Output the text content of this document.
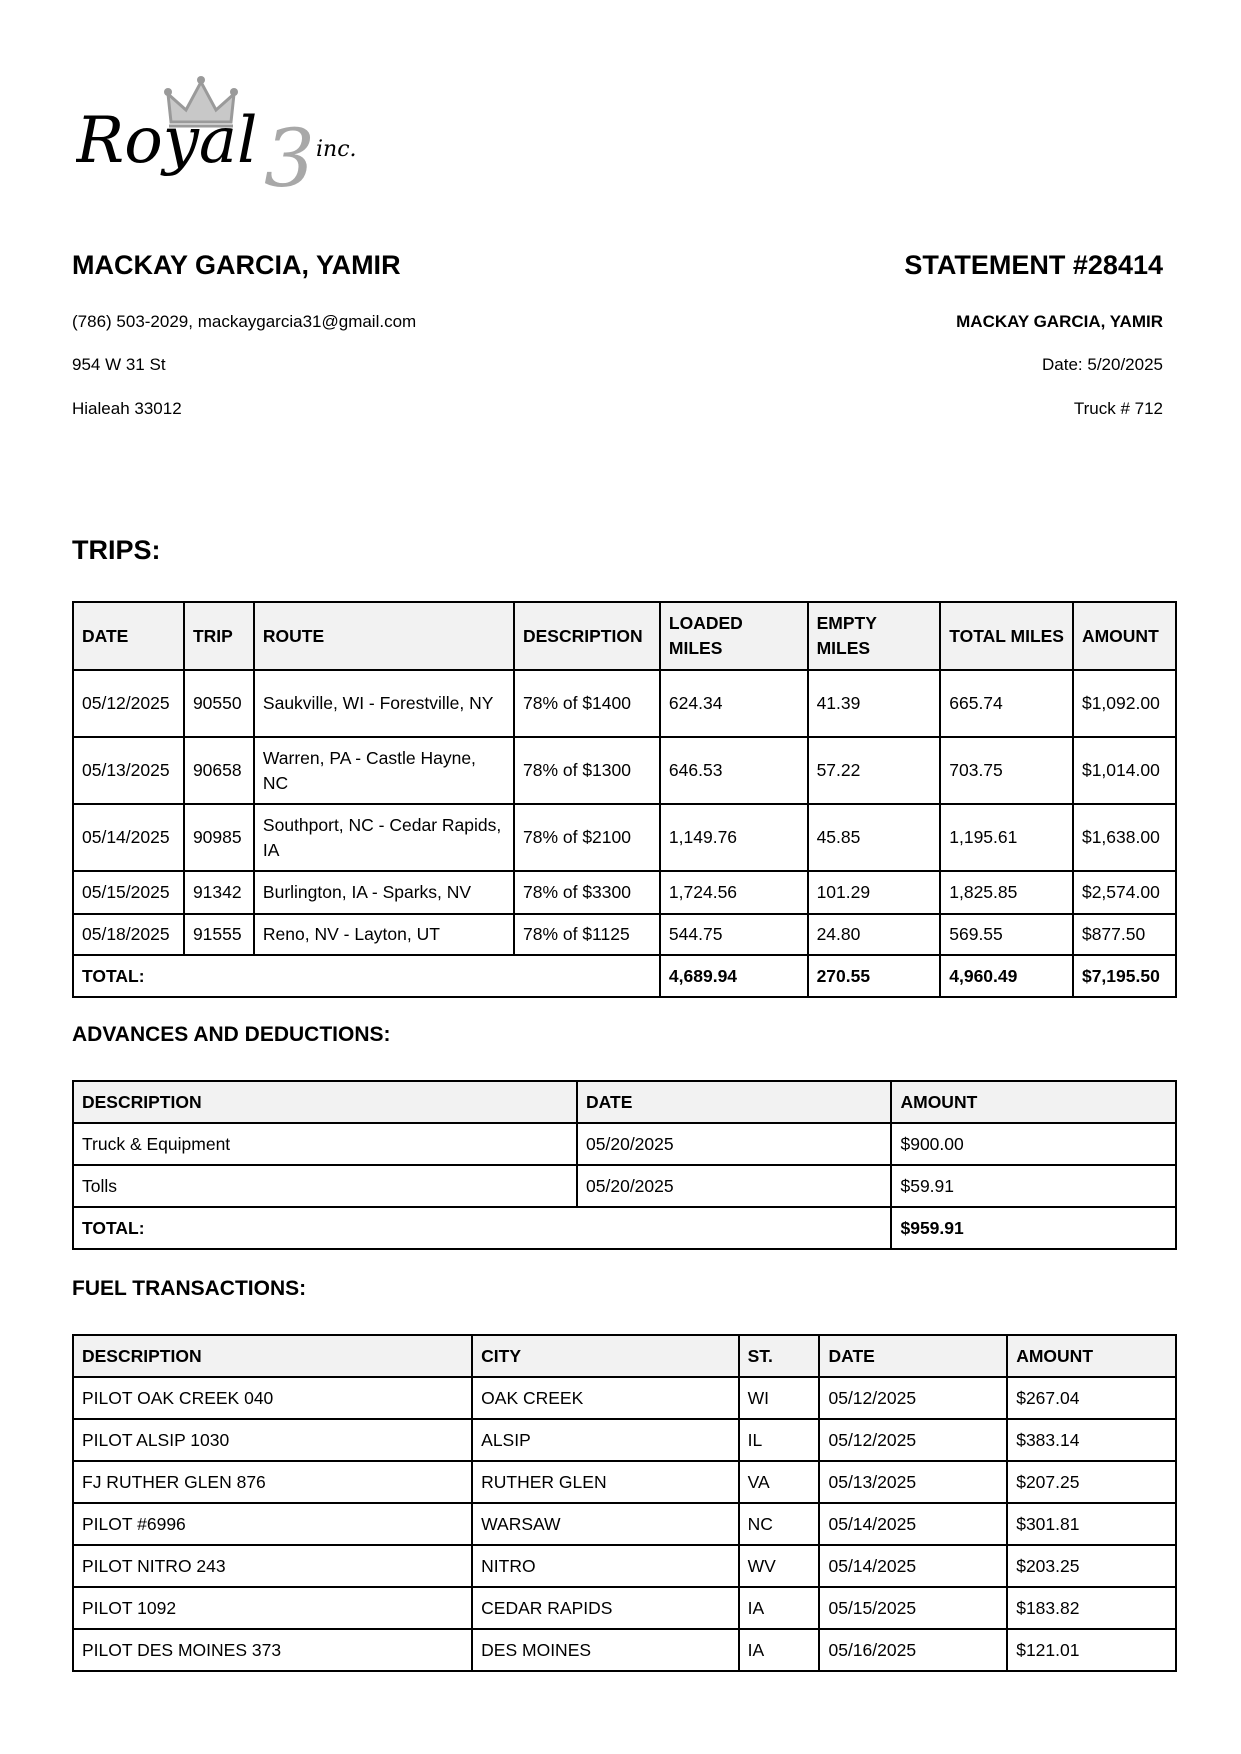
Royal 3 inc.
MACKAY GARCIA, YAMIR
(786) 503-2029, mackaygarcia31@gmail.com
954 W 31 St
Hialeah 33012
STATEMENT #28414
MACKAY GARCIA, YAMIR
Date: 5/20/2025
Truck # 712
TRIPS:
DATE	TRIP	ROUTE	DESCRIPTION	LOADED MILES	EMPTY MILES	TOTAL MILES	AMOUNT
05/12/2025	90550	Saukville, WI - Forestville, NY	78% of $1400	624.34	41.39	665.74	$1,092.00
05/13/2025	90658	Warren, PA - Castle Hayne, NC	78% of $1300	646.53	57.22	703.75	$1,014.00
05/14/2025	90985	Southport, NC - Cedar Rapids, IA	78% of $2100	1,149.76	45.85	1,195.61	$1,638.00
05/15/2025	91342	Burlington, IA - Sparks, NV	78% of $3300	1,724.56	101.29	1,825.85	$2,574.00
05/18/2025	91555	Reno, NV - Layton, UT	78% of $1125	544.75	24.80	569.55	$877.50
TOTAL:				4,689.94	270.55	4,960.49	$7,195.50
ADVANCES AND DEDUCTIONS:
DESCRIPTION	DATE	AMOUNT
Truck & Equipment	05/20/2025	$900.00
Tolls	05/20/2025	$59.91
TOTAL:		$959.91
FUEL TRANSACTIONS:
DESCRIPTION	CITY	ST.	DATE	AMOUNT
PILOT OAK CREEK 040	OAK CREEK	WI	05/12/2025	$267.04
PILOT ALSIP 1030	ALSIP	IL	05/12/2025	$383.14
FJ RUTHER GLEN 876	RUTHER GLEN	VA	05/13/2025	$207.25
PILOT #6996	WARSAW	NC	05/14/2025	$301.81
PILOT NITRO 243	NITRO	WV	05/14/2025	$203.25
PILOT 1092	CEDAR RAPIDS	IA	05/15/2025	$183.82
PILOT DES MOINES 373	DES MOINES	IA	05/16/2025	$121.01
